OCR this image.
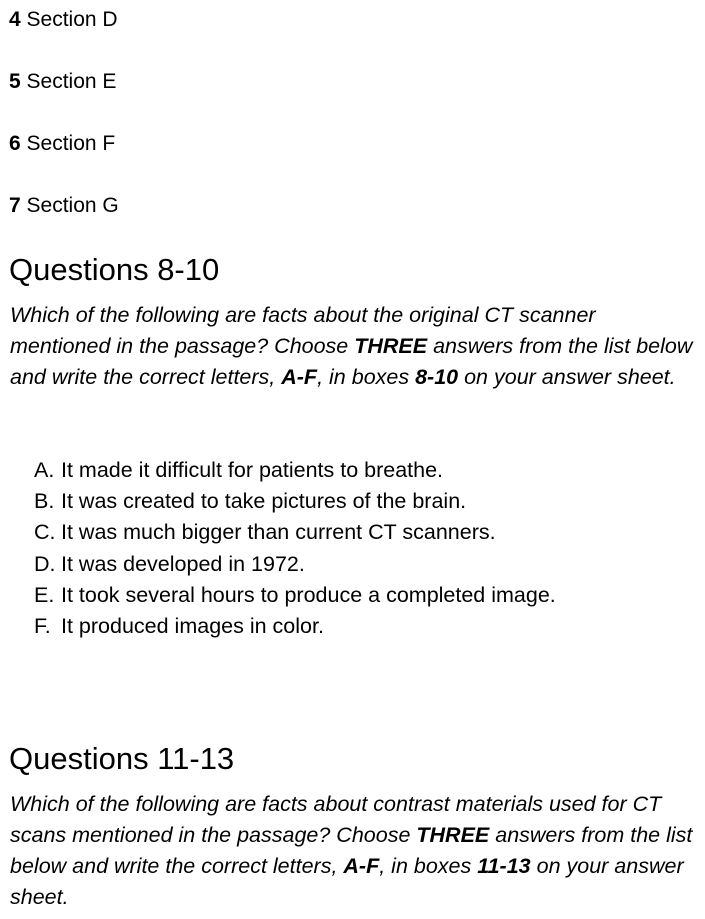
4 Section D
5 Section E
6 Section F
7 Section G
Questions 8-10

Which of the following are facts about the original CT scanner mentioned in the passage? Choose THREE answers from the list below and write the correct letters, A-F, in boxes 8-10 on your answer sheet.

A. It made it difficult for patients to breathe.
B. It was created to take pictures of the brain.
C. It was much bigger than current CT scanners.
D. It was developed in 1972.
E. It took several hours to produce a completed image.
F. It produced images in color.
Questions 11-13

Which of the following are facts about contrast materials used for CT scans mentioned in the passage? Choose THREE answers from the list below and write the correct letters, A-F, in boxes 11-13 on your answer sheet.
